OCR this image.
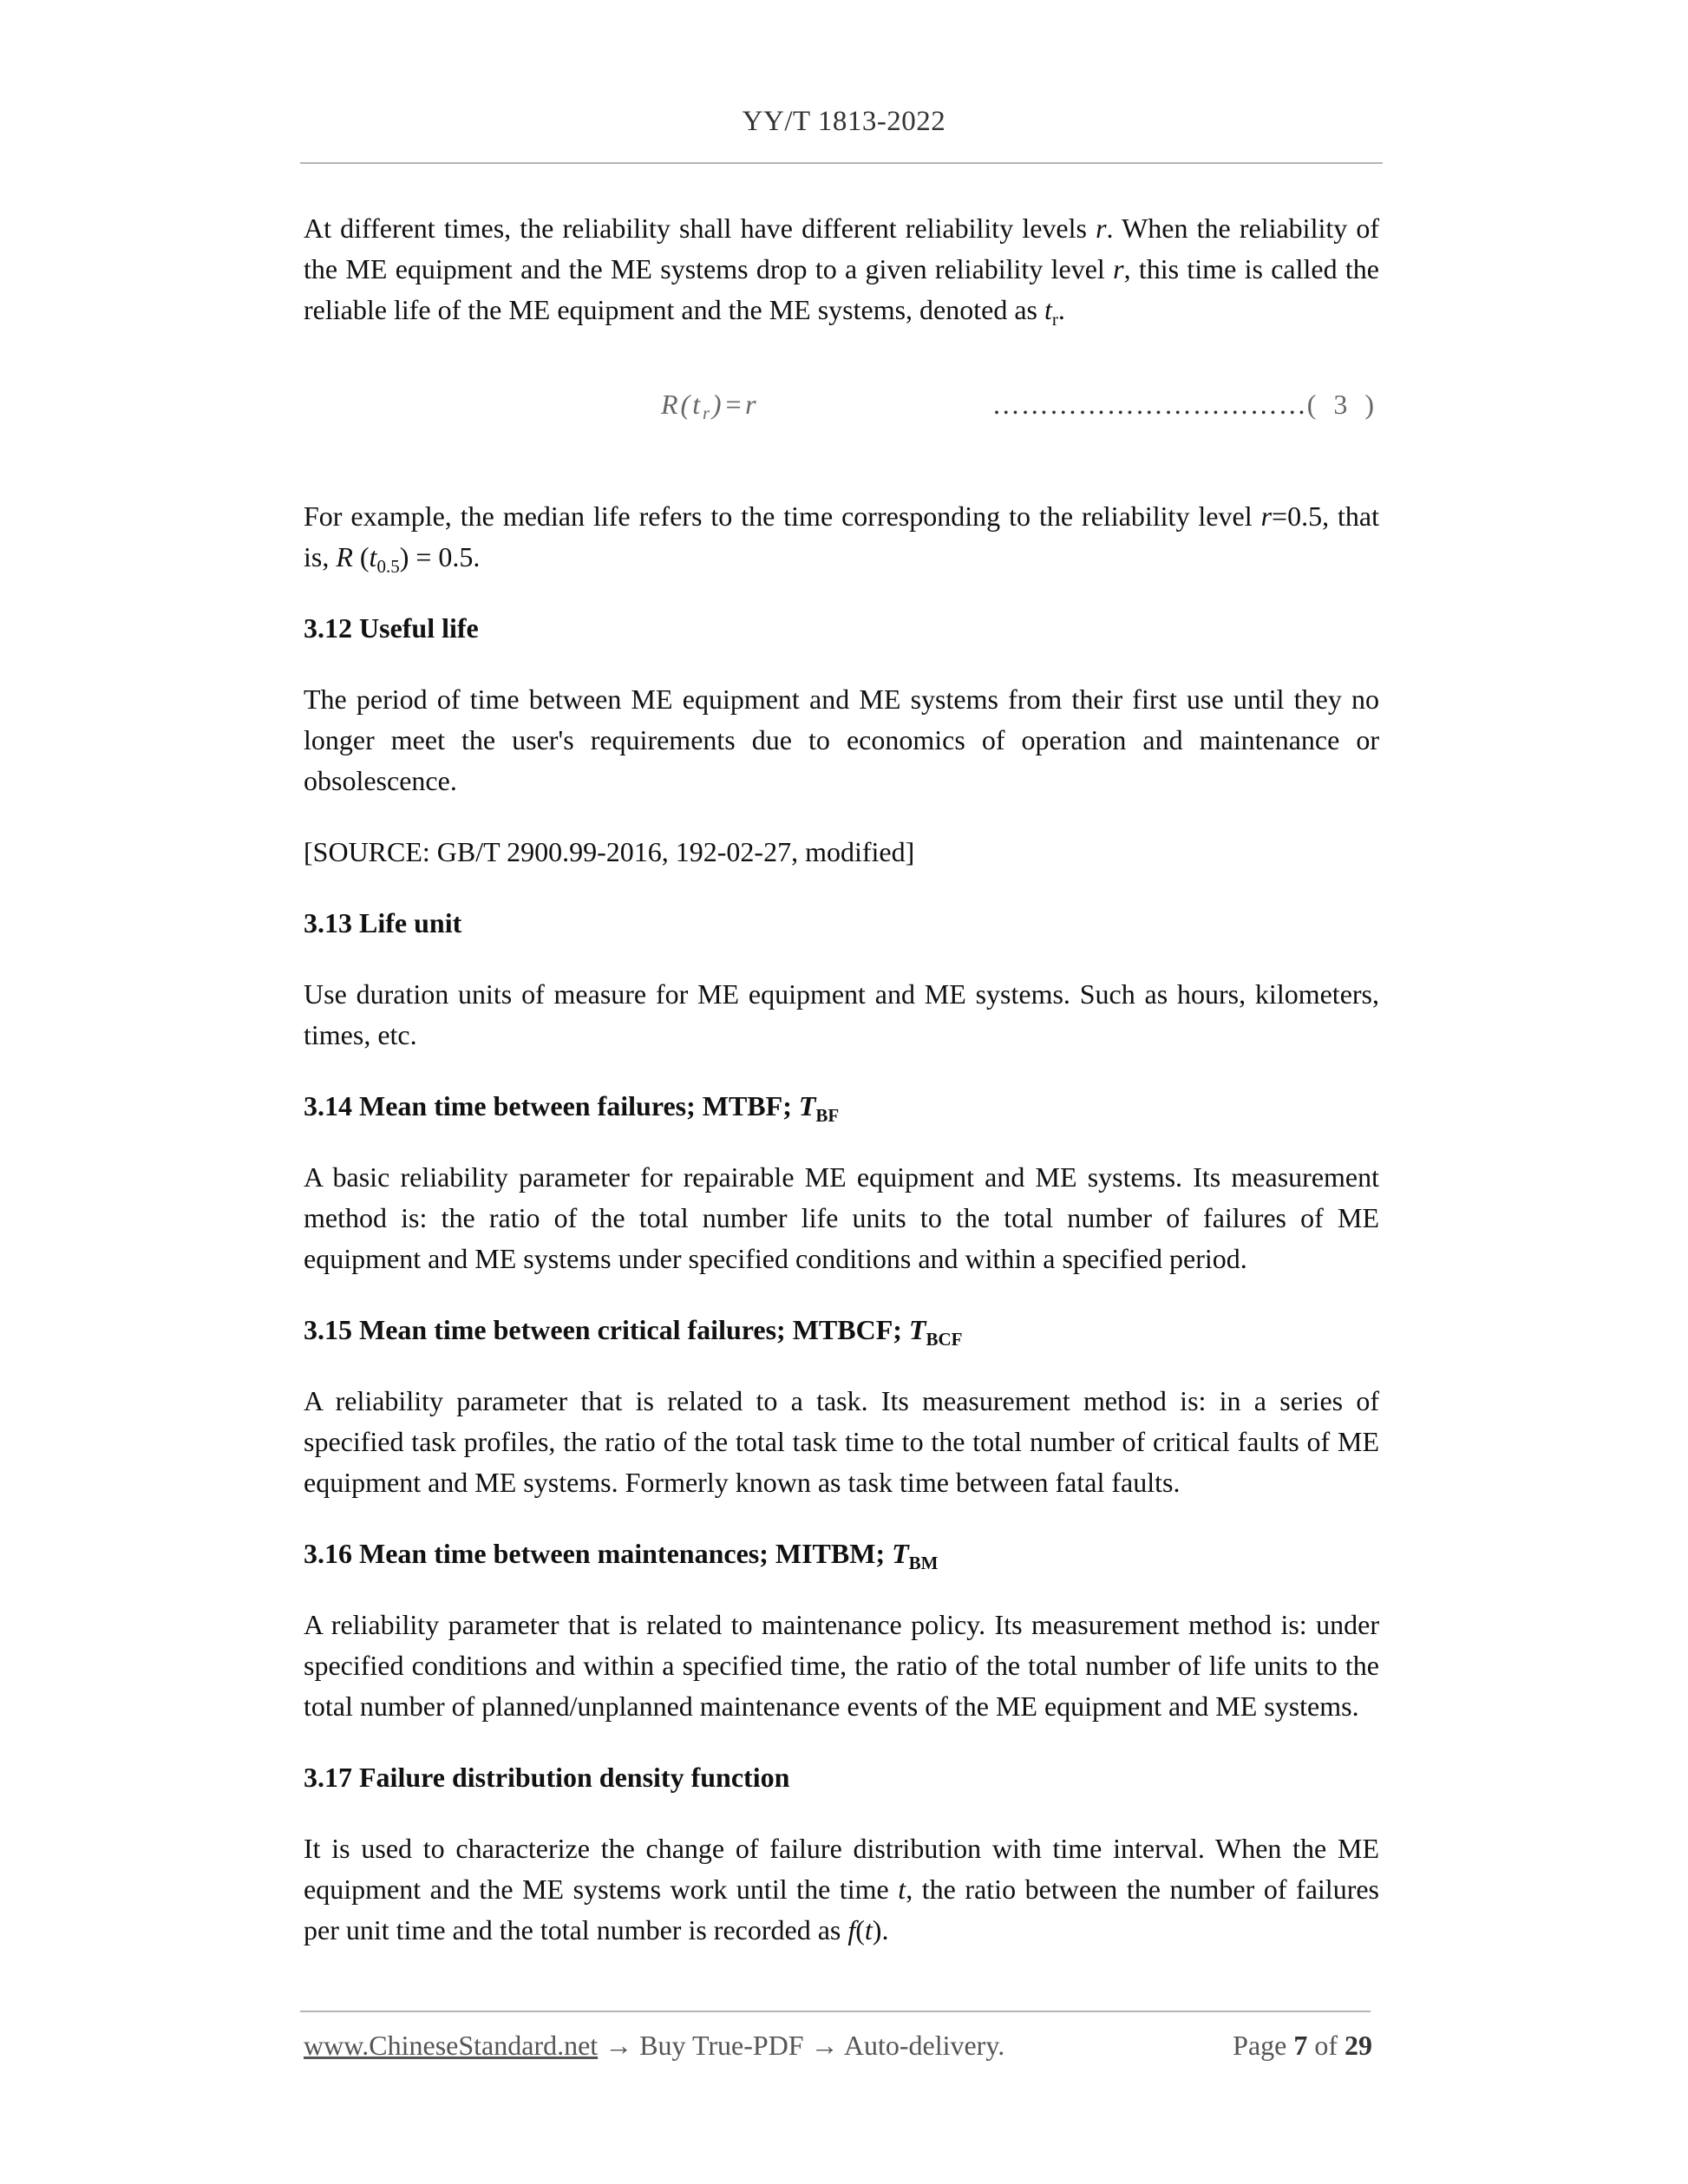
YY/T 1813-2022

At different times, the reliability shall have different reliability levels r. When the reliability of the ME equipment and the ME systems drop to a given reliability level r, this time is called the reliable life of the ME equipment and the ME systems, denoted as $t_r$.

$R(t_r)=r$	……………………………( 3 )

For example, the median life refers to the time corresponding to the reliability level r=0.5, that is, R $(t_{0.5}) = 0.5$.

3.12 Useful life

The period of time between ME equipment and ME systems from their first use until they no longer meet the user's requirements due to economics of operation and maintenance or obsolescence.

[SOURCE: GB/T 2900.99-2016, 192-02-27, modified]

3.13 Life unit

Use duration units of measure for ME equipment and ME systems. Such as hours, kilometers, times, etc.

3.14 Mean time between failures; MTBF; $T_{BF}$

A basic reliability parameter for repairable ME equipment and ME systems. Its measurement method is: the ratio of the total number life units to the total number of failures of ME equipment and ME systems under specified conditions and within a specified period.

3.15 Mean time between critical failures; MTBCF; $T_{BCF}$

A reliability parameter that is related to a task. Its measurement method is: in a series of specified task profiles, the ratio of the total task time to the total number of critical faults of ME equipment and ME systems. Formerly known as task time between fatal faults.

3.16 Mean time between maintenances; MITBM; $T_{BM}$

A reliability parameter that is related to maintenance policy. Its measurement method is: under specified conditions and within a specified time, the ratio of the total number of life units to the total number of planned/unplanned maintenance events of the ME equipment and ME systems.

3.17 Failure distribution density function

It is used to characterize the change of failure distribution with time interval. When the ME equipment and the ME systems work until the time t, the ratio between the number of failures per unit time and the total number is recorded as f(t).

www.ChineseStandard.net → Buy True-PDF → Auto-delivery.	Page 7 of 29
